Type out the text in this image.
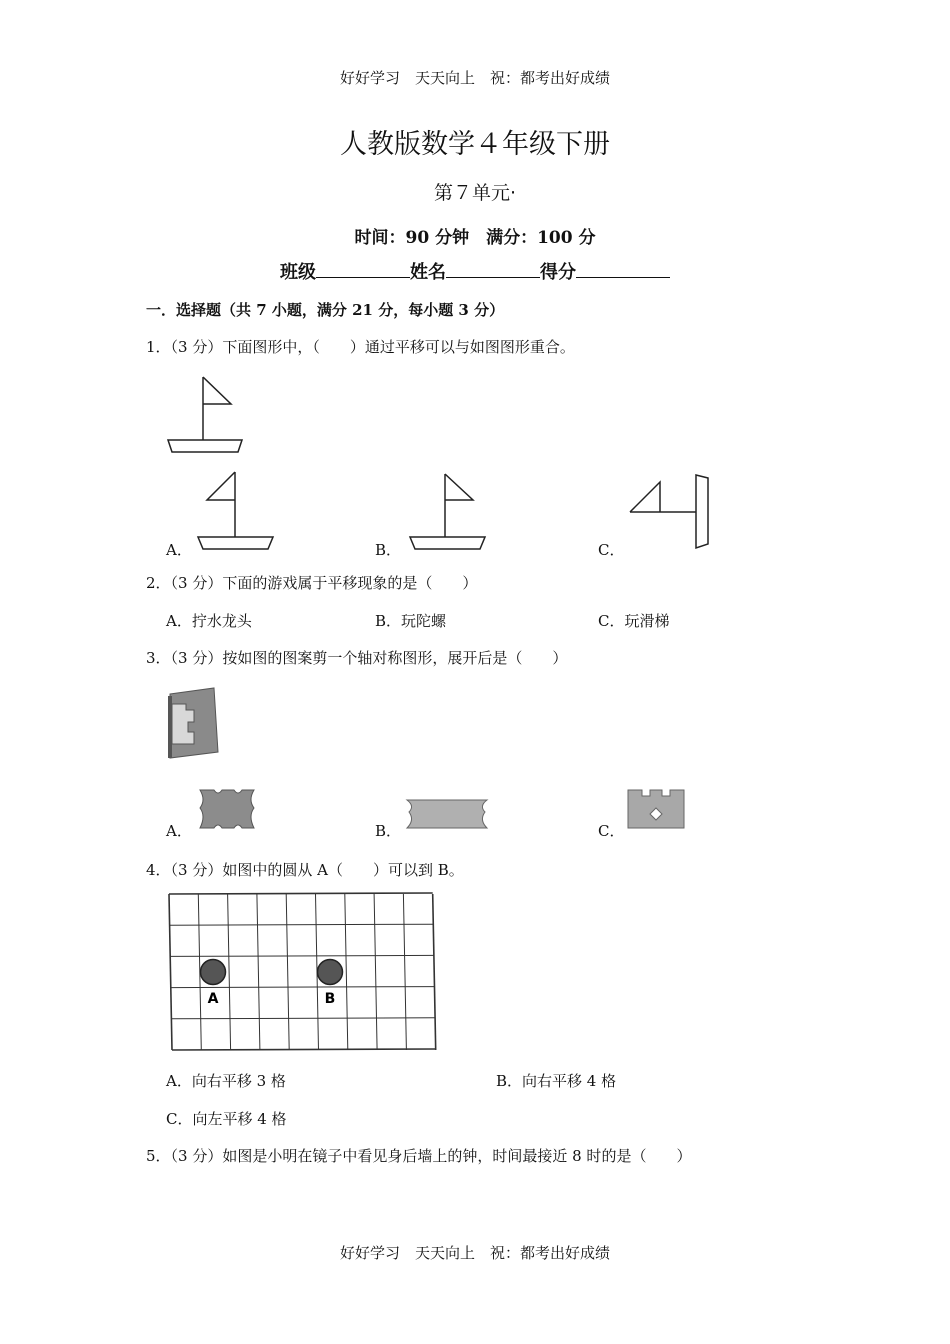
好好学习　天天向上　祝：都考出好成绩
人教版数学４年级下册
第７单元·
时间：90 分钟　满分：100 分
班级	姓名	得分
一．选择题（共 7 小题，满分 21 分，每小题 3 分）
1．（3 分）下面图形中，（　　）通过平移可以与如图图形重合。
A．	B．	C．
2．（3 分）下面的游戏属于平移现象的是（　　）
A．拧水龙头	B．玩陀螺	C．玩滑梯
3．（3 分）按如图的图案剪一个轴对称图形，展开后是（　　）
A．	B．	C．
4．（3 分）如图中的圆从 A（　　）可以到 B。
A	B
A．向右平移 3 格	B．向右平移 4 格
C．向左平移 4 格
5．（3 分）如图是小明在镜子中看见身后墙上的钟，时间最接近 8 时的是（　　）
好好学习　天天向上　祝：都考出好成绩
